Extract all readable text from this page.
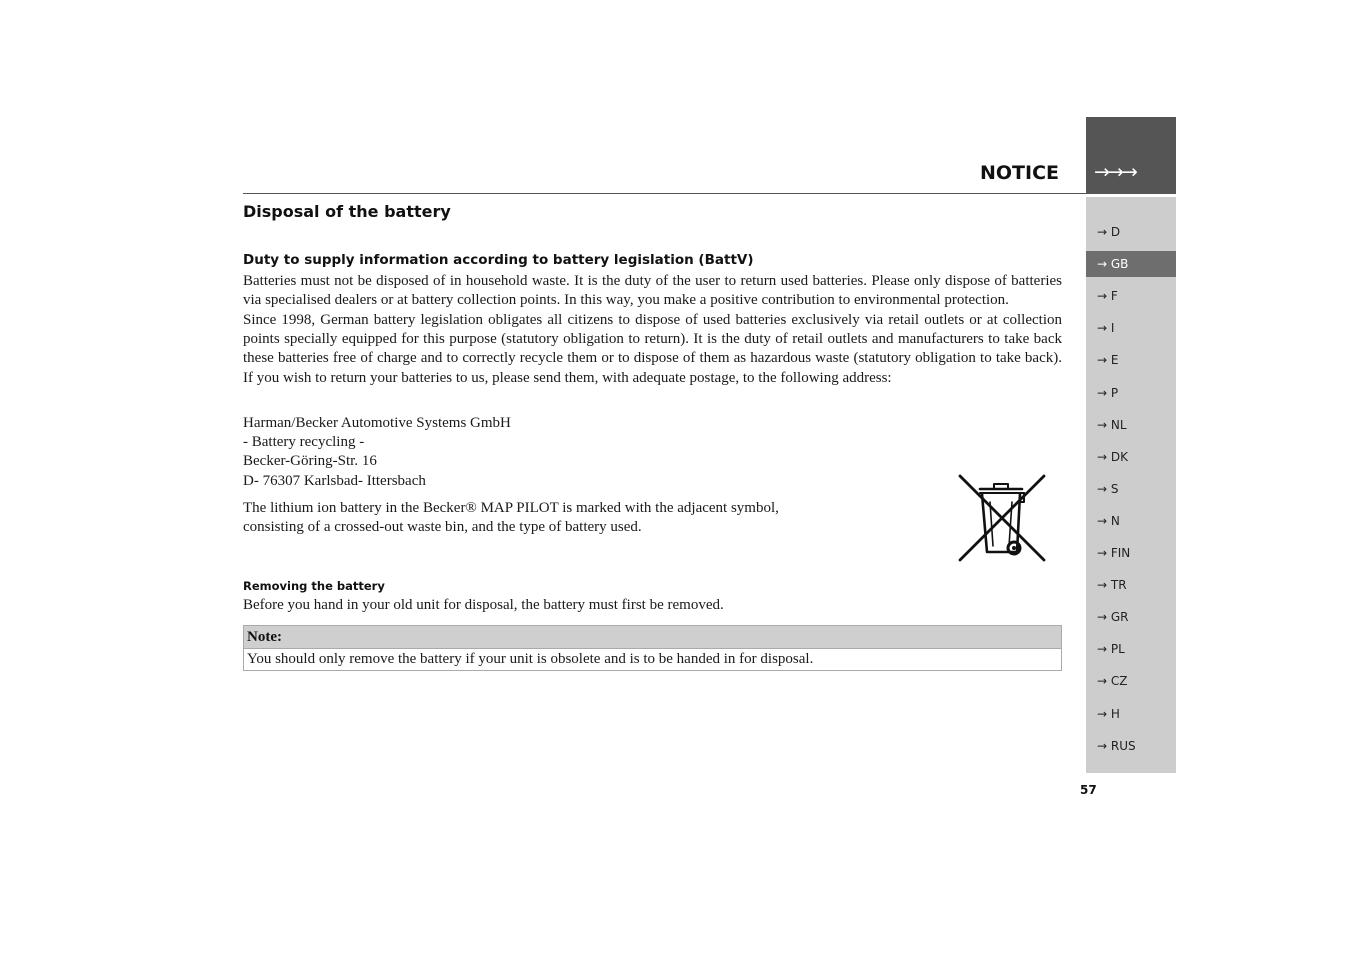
NOTICE →→→
→ D
→ GB
→ F
→ I
→ E
→ P
→ NL
→ DK
→ S
→ N
→ FIN
→ TR
→ GR
→ PL
→ CZ
→ H
→ RUS
Disposal of the battery
Duty to supply information according to battery legislation (BattV)

Batteries must not be disposed of in household waste. It is the duty of the user to return used batteries. Please only dispose of batteries via specialised dealers or at battery collection points. In this way, you make a positive contribution to environmental protection.

Since 1998, German battery legislation obligates all citizens to dispose of used batteries exclusively via retail outlets or at collection points specially equipped for this purpose (statutory obligation to return). It is the duty of retail outlets and manufacturers to take back these batteries free of charge and to correctly recycle them or to dispose of them as hazardous waste (statutory obligation to take back). If you wish to return your batteries to us, please send them, with adequate postage, to the following address:

Harman/Becker Automotive Systems GmbH
- Battery recycling -
Becker-Göring-Str. 16
D- 76307 Karlsbad- Ittersbach

The lithium ion battery in the Becker® MAP PILOT is marked with the adjacent symbol, consisting of a crossed-out waste bin, and the type of battery used.

Removing the battery

Before you hand in your old unit for disposal, the battery must first be removed.

Note:
You should only remove the battery if your unit is obsolete and is to be handed in for disposal.
57
